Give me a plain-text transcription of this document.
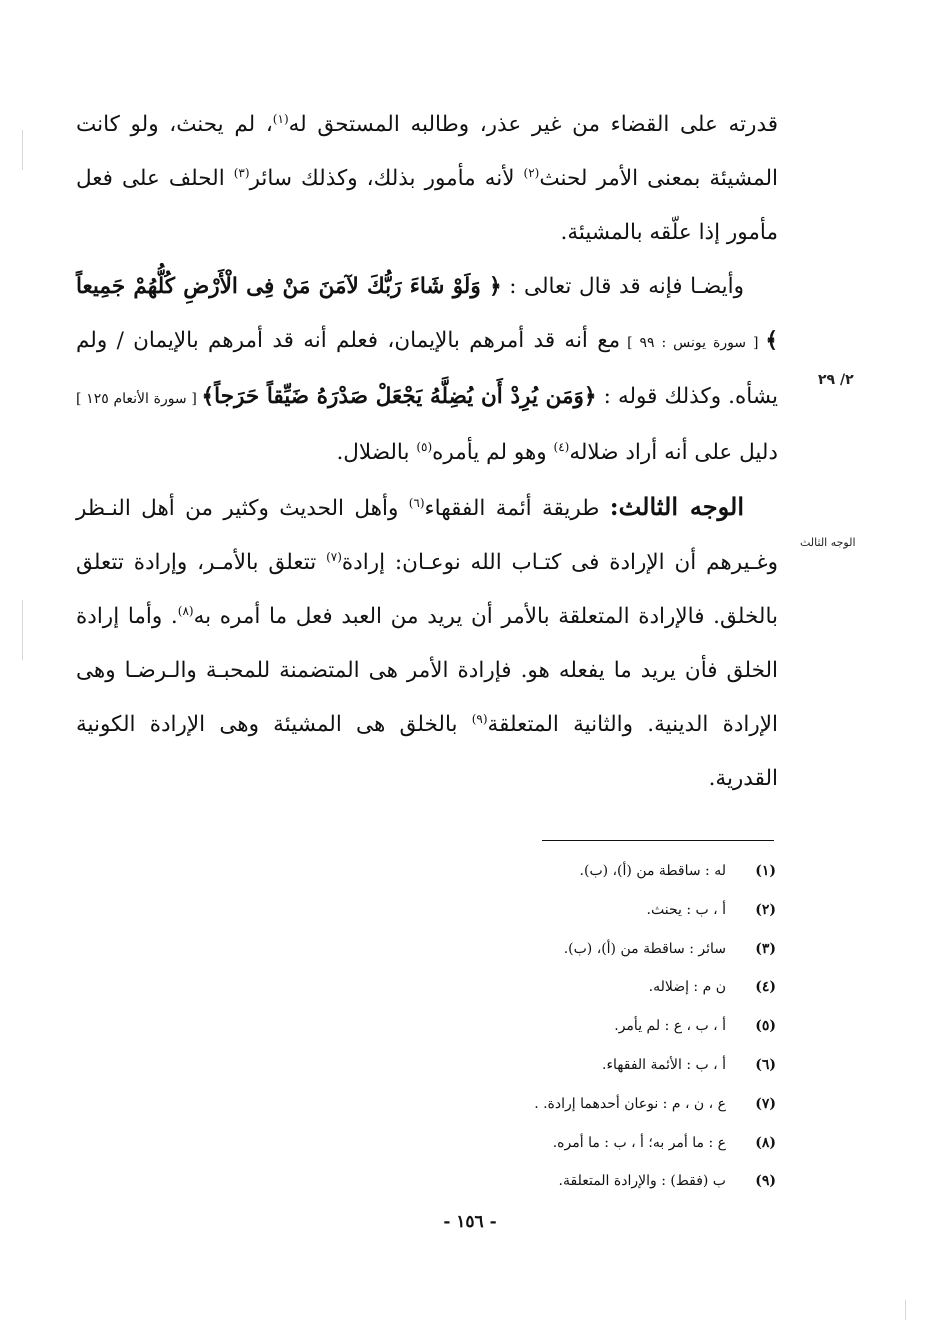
قدرته على القضاء من غير عذر، وطالبه المستحق له$^{(١)}$، لم يحنث، ولو كانت المشيئة بمعنى الأمر لحنث$^{(٢)}$ لأنه مأمور بذلك، وكذلك سائر$^{(٣)}$ الحلف على فعل مأمور إذا علّقه بالمشيئة.

وأيضـا فإنه قد قال تعالى : ﴿ وَلَوْ شَاءَ رَبُّكَ لآمَنَ مَنْ فِى الْأَرْضِ كُلُّهُمْ جَمِيعاً ﴾ [ سورة يونس : ٩٩ ] مع أنه قد أمرهم بالإيمان، فعلم أنه قد أمرهم بالإيمان / ولم يشأه. وكذلك قوله : ﴿وَمَن يُرِدْ أَن يُضِلَّهُ يَجْعَلْ صَدْرَهُ ضَيِّقاً حَرَجاً﴾ [ سورة الأنعام ١٢٥ ] دليل على أنه أراد ضلاله$^{(٤)}$ وهو لم يأمره$^{(٥)}$ بالضلال.

الوجه الثالث: طريقة أئمة الفقهاء$^{(٦)}$ وأهل الحديث وكثير من أهل النـظر وغـيرهم أن الإرادة فى كتـاب الله نوعـان: إرادة$^{(٧)}$ تتعلق بالأمـر، وإرادة تتعلق بالخلق. فالإرادة المتعلقة بالأمر أن يريد من العبد فعل ما أمره به$^{(٨)}$. وأما إرادة الخلق فأن يريد ما يفعله هو. فإرادة الأمر هى المتضمنة للمحبـة والـرضـا وهى الإرادة الدينية. والثانية المتعلقة$^{(٩)}$ بالخلق هى المشيئة وهى الإرادة الكونية القدرية.

٢/ ٢٩
الوجه الثالث
(١)
له : ساقطة من (أ)، (ب).
(٢)
أ ، ب : يحنث.
(٣)
سائر : ساقطة من (أ)، (ب).
(٤)
ن م : إضلاله.
(٥)
أ ، ب ، ع : لم يأمر.
(٦)
أ ، ب : الأئمة الفقهاء.
(٧)
ع ، ن ، م : نوعان أحدهما إرادة. .
(٨)
ع : ما أمر به؛ أ ، ب : ما أمره.
(٩)
ب (فقط) : والإرادة المتعلقة.
- ١٥٦ -
